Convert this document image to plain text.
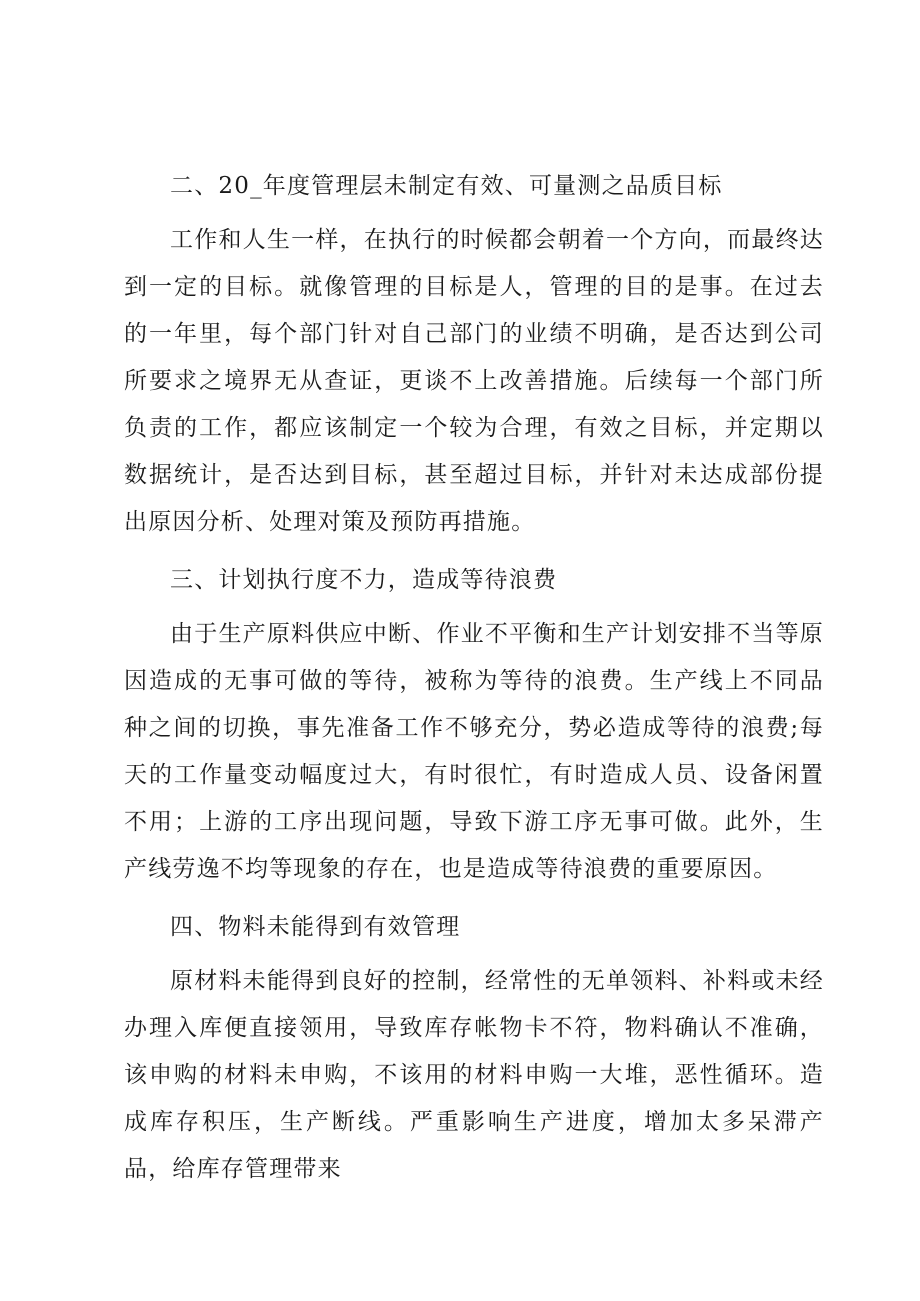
二、20_年度管理层未制定有效、可量测之品质目标
工作和人生一样，在执行的时候都会朝着一个方向，而最终达到一定的目标。就像管理的目标是人，管理的目的是事。在过去的一年里，每个部门针对自己部门的业绩不明确，是否达到公司所要求之境界无从查证，更谈不上改善措施。后续每一个部门所负责的工作，都应该制定一个较为合理，有效之目标，并定期以数据统计，是否达到目标，甚至超过目标，并针对未达成部份提出原因分析、处理对策及预防再措施。
三、计划执行度不力，造成等待浪费
由于生产原料供应中断、作业不平衡和生产计划安排不当等原因造成的无事可做的等待，被称为等待的浪费。生产线上不同品种之间的切换，事先准备工作不够充分，势必造成等待的浪费;每天的工作量变动幅度过大，有时很忙，有时造成人员、设备闲置不用；上游的工序出现问题，导致下游工序无事可做。此外，生产线劳逸不均等现象的存在，也是造成等待浪费的重要原因。
四、物料未能得到有效管理
原材料未能得到良好的控制，经常性的无单领料、补料或未经办理入库便直接领用，导致库存帐物卡不符，物料确认不准确，该申购的材料未申购，不该用的材料申购一大堆，恶性循环。造成库存积压，生产断线。严重影响生产进度，增加太多呆滞产品，给库存管理带来
